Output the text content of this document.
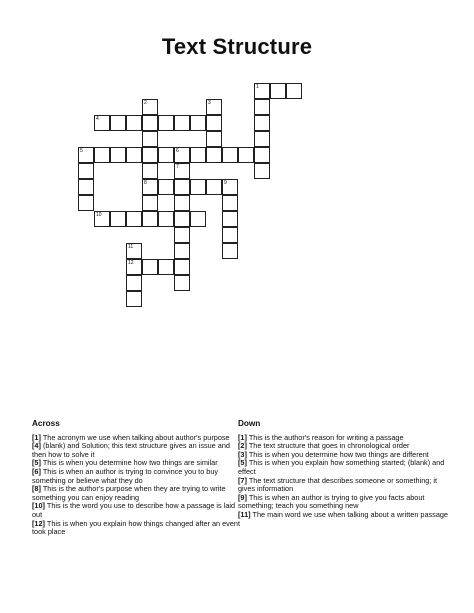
Text Structure
1
2
8
3
4
5	6
7
9
10
11
12
Across

[1] The acronym we use when talking about author's purpose

[4] (blank) and Solution; this text structure gives an issue and then how to solve it

[5] This is when you determine how two things are similar

[6] This is when an author is trying to convince you to buy something or believe what they do

[8] This is the author's purpose when they are trying to write something you can enjoy reading

[10] This is the word you use to describe how a passage is laid out

[12] This is when you explain how things changed after an event took place

Down

[1] This is the author's reason for writing a passage

[2] The text structure that goes in chronological order

[3] This is when you determine how two things are different

[5] This is when you explain how something started; (blank) and effect

[7] The text structure that describes someone or something; it gives information

[9] This is when an author is trying to give you facts about something; teach you something new

[11] The main word we use when talking about a written passage
